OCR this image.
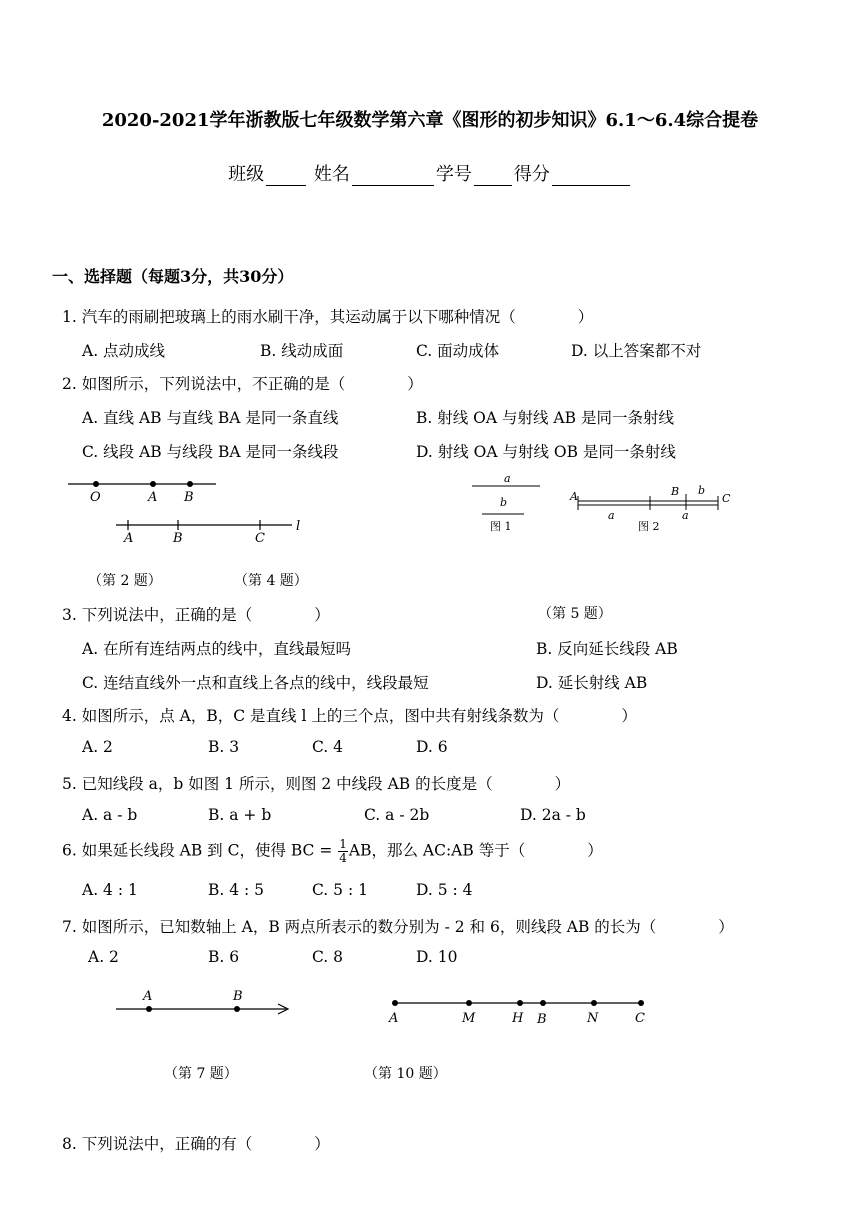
2020-2021学年浙教版七年级数学第六章《图形的初步知识》6.1～6.4综合提卷
班级	姓名	学号 得分
一、选择题（每题3分，共30分）
1. 汽车的雨刷把玻璃上的雨水刷干净，其运动属于以下哪种情况（　　　　）
A. 点动成线	B. 线动成面	C. 面动成体	D. 以上答案都不对
2. 如图所示，下列说法中，不正确的是（　　　　）
A. 直线 AB 与直线 BA 是同一条直线	B. 射线 OA 与射线 AB 是同一条射线
C. 线段 AB 与线段 BA 是同一条线段	D. 射线 OA 与射线 OB 是同一条射线
O	A B
A	B	C
l
a
b
图 1
A	B
C
b
a	a
图 2
（第 2 题）	（第 4 题）
3. 下列说法中，正确的是（　　　　）	（第 5 题）
A. 在所有连结两点的线中，直线最短吗	B. 反向延长线段 AB
C. 连结直线外一点和直线上各点的线中，线段最短	D. 延长射线 AB
4. 如图所示，点 A，B，C 是直线 l 上的三个点，图中共有射线条数为（　　　　）
A. 2	B. 3	C. 4	D. 6
5. 已知线段 a，b 如图 1 所示，则图 2 中线段 AB 的长度是（　　　　）
A. a - b	B. a + b	C. a - 2b	D. 2a - b
6. 如果延长线段 AB 到 C，使得 BC = $\frac{1}{4}$ AB，那么 AC:AB 等于（　　　　）
A. 4 : 1	B. 4 : 5	C. 5 : 1	D. 5 : 4
7. 如图所示，已知数轴上 A，B 两点所表示的数分别为 - 2 和 6，则线段 AB 的长为（　　　　）
A. 2	B. 6	C. 8	D. 10
A	B
A	M	H B	N	C
（第 7 题）	（第 10 题）
8. 下列说法中，正确的有（　　　　）
